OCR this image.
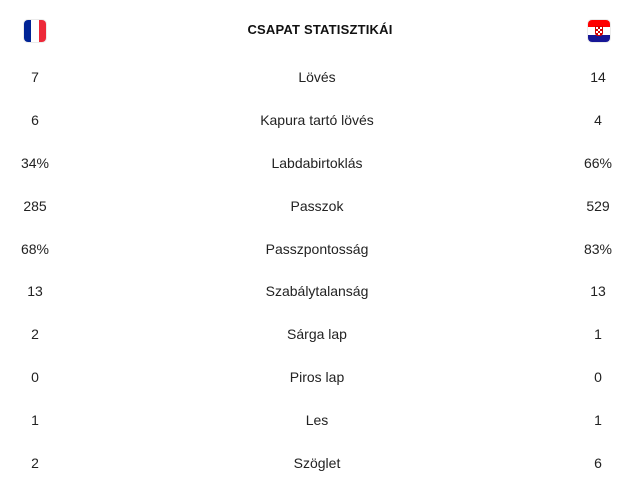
CSAPAT STATISZTIKÁI
7	Lövés	14
6	Kapura tartó lövés	4
34%	Labdabirtoklás	66%
285	Passzok	529
68%	Passzpontosság	83%
13	Szabálytalanság	13
2	Sárga lap	1
0	Piros lap	0
1	Les	1
2	Szöglet	6
